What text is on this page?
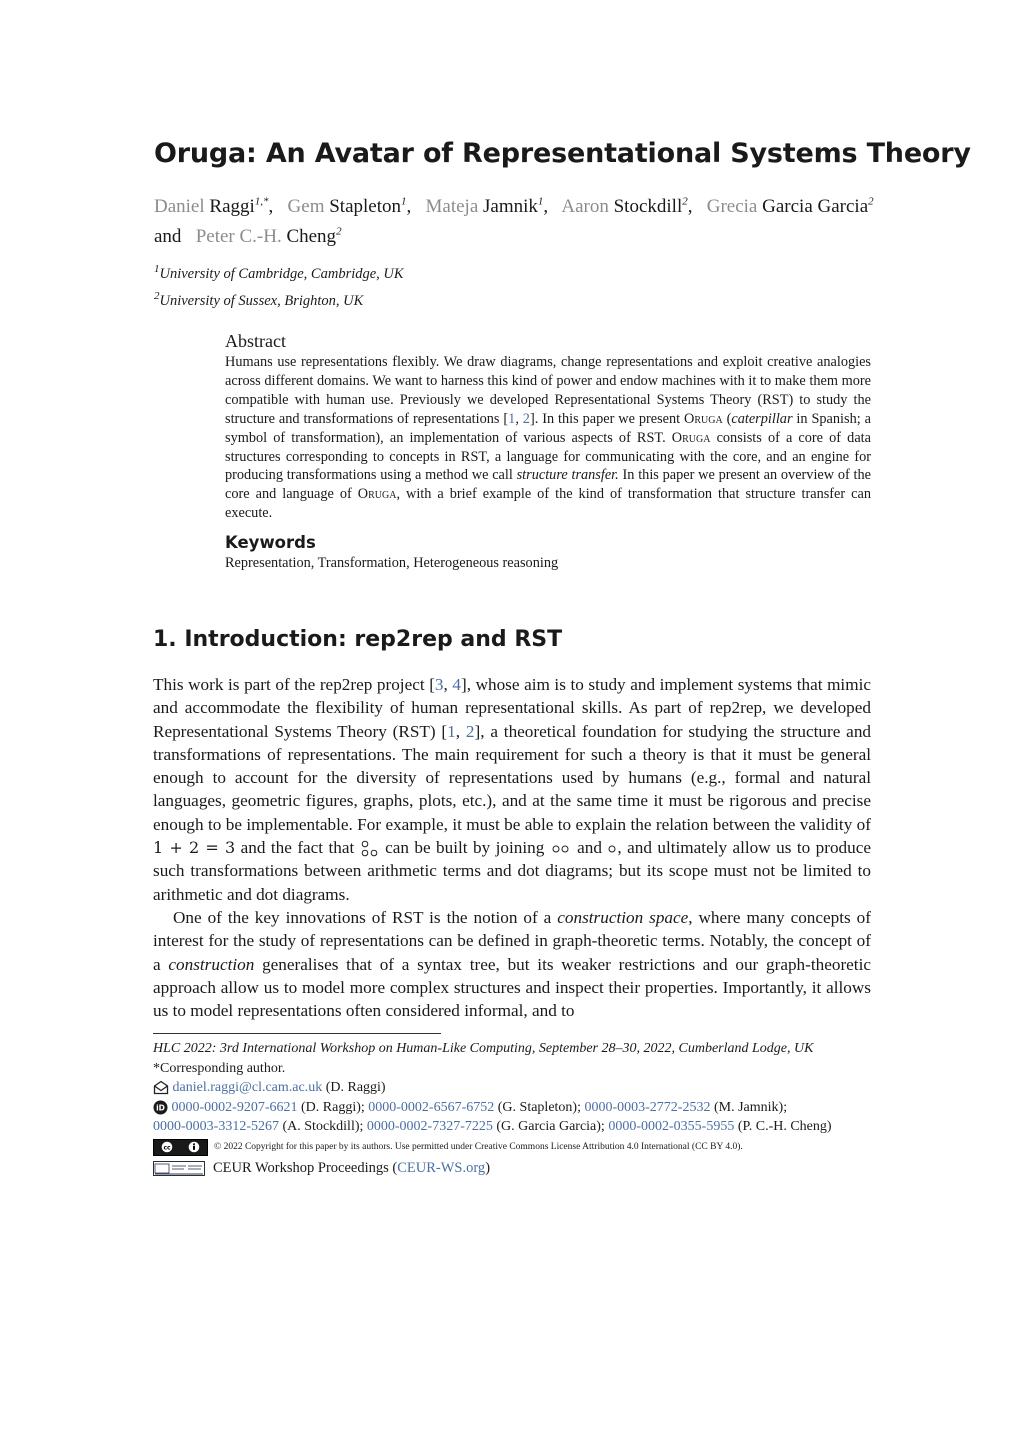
Oruga: An Avatar of Representational Systems Theory
Daniel Raggi$^{1,*}$, Gem Stapleton$^1$, Mateja Jamnik$^1$, Aaron Stockdill$^2$, Grecia Garcia Garcia$^2$ and Peter C.-H. Cheng$^2$
$^1$University of Cambridge, Cambridge, UK
$^2$University of Sussex, Brighton, UK
Abstract
Humans use representations flexibly. We draw diagrams, change representations and exploit creative analogies across different domains. We want to harness this kind of power and endow machines with it to make them more compatible with human use. Previously we developed Representational Systems Theory (RST) to study the structure and transformations of representations [1, 2]. In this paper we present Oruga (caterpillar in Spanish; a symbol of transformation), an implementation of various aspects of RST. Oruga consists of a core of data structures corresponding to concepts in RST, a language for communicating with the core, and an engine for producing transformations using a method we call structure transfer. In this paper we present an overview of the core and language of Oruga, with a brief example of the kind of transformation that structure transfer can execute.
Keywords
Representation, Transformation, Heterogeneous reasoning
1. Introduction: rep2rep and RST

This work is part of the rep2rep project [3, 4], whose aim is to study and implement systems that mimic and accommodate the flexibility of human representational skills. As part of rep2rep, we developed Representational Systems Theory (RST) [1, 2], a theoretical foundation for studying the structure and transformations of representations. The main requirement for such a theory is that it must be general enough to account for the diversity of representations used by humans (e.g., formal and natural languages, geometric figures, graphs, plots, etc.), and at the same time it must be rigorous and precise enough to be implementable. For example, it must be able to explain the relation between the validity of 1 + 2 = 3 and the fact that  can be built by joining  and , and ultimately allow us to produce such transformations between arithmetic terms and dot diagrams; but its scope must not be limited to arithmetic and dot diagrams.

One of the key innovations of RST is the notion of a construction space, where many concepts of interest for the study of representations can be defined in graph-theoretic terms. Notably, the concept of a construction generalises that of a syntax tree, but its weaker restrictions and our graph-theoretic approach allow us to model more complex structures and inspect their properties. Importantly, it allows us to model representations often considered informal, and to

HLC 2022: 3rd International Workshop on Human-Like Computing, September 28–30, 2022, Cumberland Lodge, UK
*Corresponding author.
daniel.raggi@cl.cam.ac.uk (D. Raggi)
iD 0000-0002-9207-6621 (D. Raggi); 0000-0002-6567-6752 (G. Stapleton); 0000-0003-2772-2532 (M. Jamnik);
0000-0003-3312-5267 (A. Stockdill); 0000-0002-7327-7225 (G. Garcia Garcia); 0000-0002-0355-5955 (P. C.-H. Cheng)
cc	© 2022 Copyright for this paper by its authors. Use permitted under Creative Commons License Attribution 4.0 International (CC BY 4.0).
CEUR Workshop Proceedings (CEUR-WS.org)
